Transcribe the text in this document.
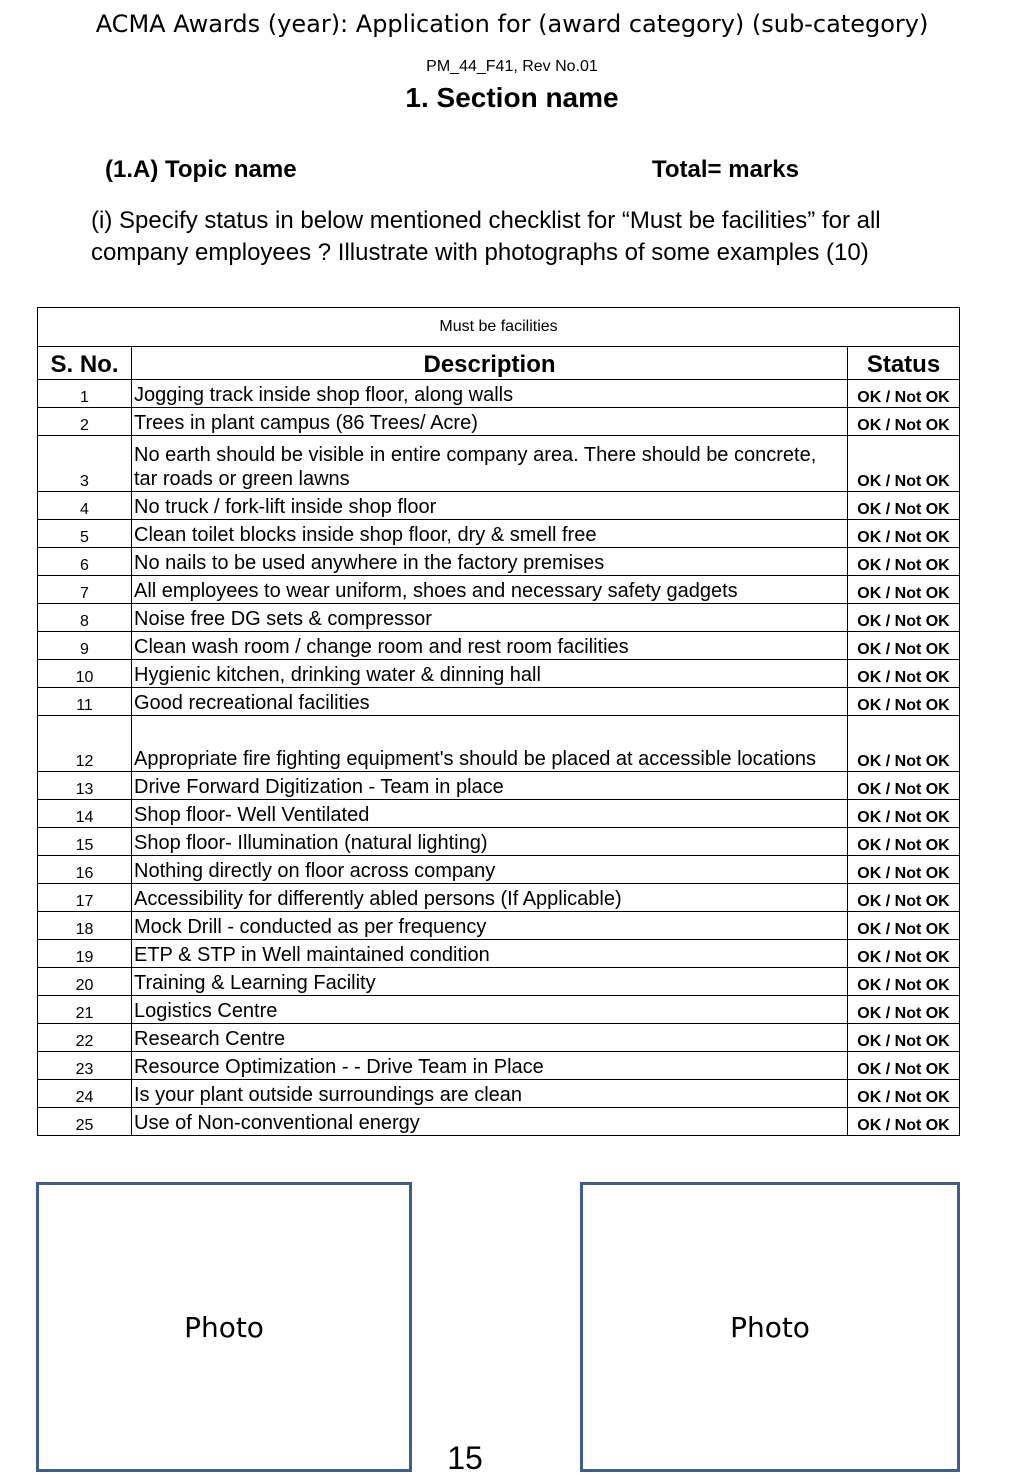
ACMA Awards (year): Application for (award category) (sub-category)
PM_44_F41, Rev No.01
1. Section name
(1.A) Topic name	Total= marks
(i) Specify status in below mentioned checklist for “Must be facilities” for all company employees ? Illustrate with photographs of some examples (10)
Must be facilities		
S. No.	Description	Status
1	Jogging track inside shop floor, along walls	OK / Not OK
2	Trees in plant campus (86 Trees/ Acre)	OK / Not OK
3	No earth should be visible in entire company area. There should be concrete, tar roads or green lawns	OK / Not OK
4	No truck / fork-lift inside shop floor	OK / Not OK
5	Clean toilet blocks inside shop floor, dry & smell free	OK / Not OK
6	No nails to be used anywhere in the factory premises	OK / Not OK
7	All employees to wear uniform, shoes and necessary safety gadgets	OK / Not OK
8	Noise free DG sets & compressor	OK / Not OK
9	Clean wash room / change room and rest room facilities	OK / Not OK
10	Hygienic kitchen, drinking water & dinning hall	OK / Not OK
11	Good recreational facilities	OK / Not OK
12	Appropriate fire fighting equipment's should be placed at accessible locations	OK / Not OK
13	Drive Forward Digitization - Team in place	OK / Not OK
14	Shop floor- Well Ventilated	OK / Not OK
15	Shop floor- Illumination (natural lighting)	OK / Not OK
16	Nothing directly on floor across company	OK / Not OK
17	Accessibility for differently abled persons (If Applicable)	OK / Not OK
18	Mock Drill - conducted as per frequency	OK / Not OK
19	ETP & STP in Well maintained condition	OK / Not OK
20	Training & Learning Facility	OK / Not OK
21	Logistics Centre	OK / Not OK
22	Research Centre	OK / Not OK
23	Resource Optimization - - Drive Team in Place	OK / Not OK
24	Is your plant outside surroundings are clean	OK / Not OK
25	Use of Non-conventional energy	OK / Not OK
Photo	Photo
15
